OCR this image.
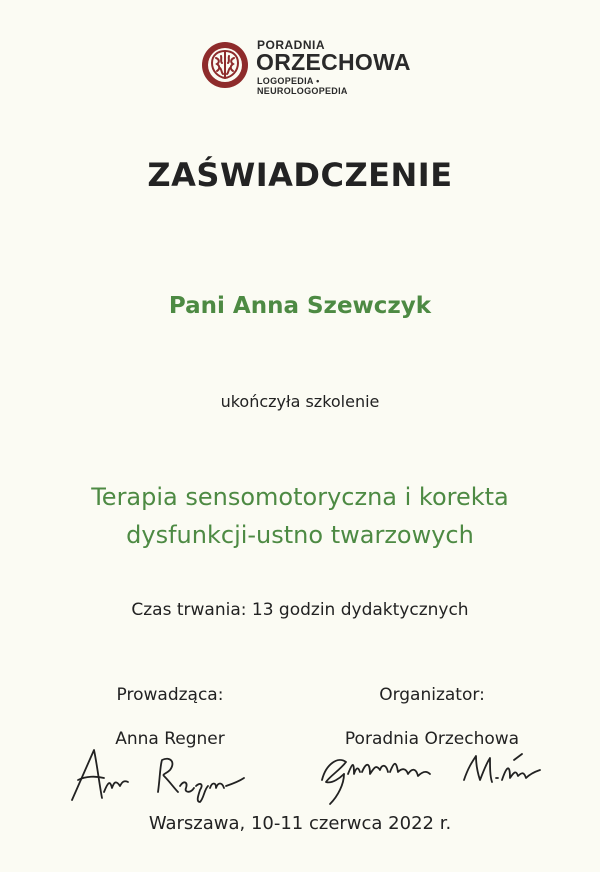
PORADNIA
ORZECHOWA
LOGOPEDIA • NEUROLOGOPEDIA
ZAŚWIADCZENIE
Pani Anna Szewczyk
ukończyła szkolenie
Terapia sensomotoryczna i korekta
dysfunkcji-ustno twarzowych
Czas trwania: 13 godzin dydaktycznych
Prowadząca:
Anna Regner
Organizator:
Poradnia Orzechowa
Warszawa, 10-11 czerwca 2022 r.
